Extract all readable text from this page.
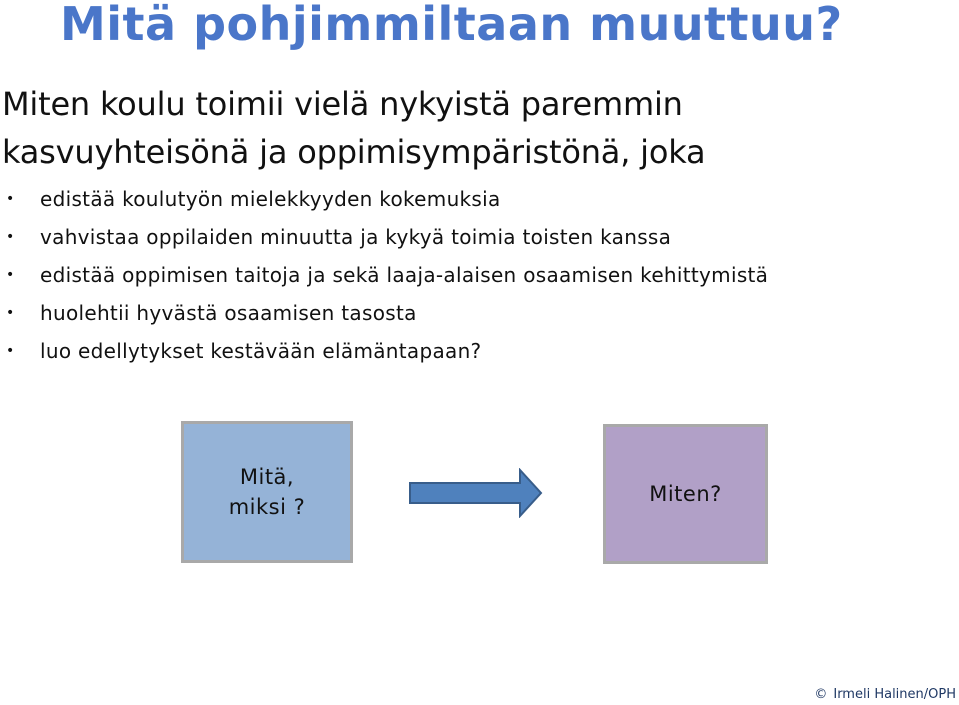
Mitä pohjimmiltaan muuttuu?
Miten koulu toimii vielä nykyistä paremmin
kasvuyhteisönä ja oppimisympäristönä, joka
• edistää koulutyön mielekkyyden kokemuksia
• vahvistaa oppilaiden minuutta ja kykyä toimia toisten kanssa
• edistää oppimisen taitoja ja sekä laaja-alaisen osaamisen kehittymistä
• huolehtii hyvästä osaamisen tasosta
• luo edellytykset kestävään elämäntapaan?
Mitä,
miksi ?
Miten?
© Irmeli Halinen/OPH
